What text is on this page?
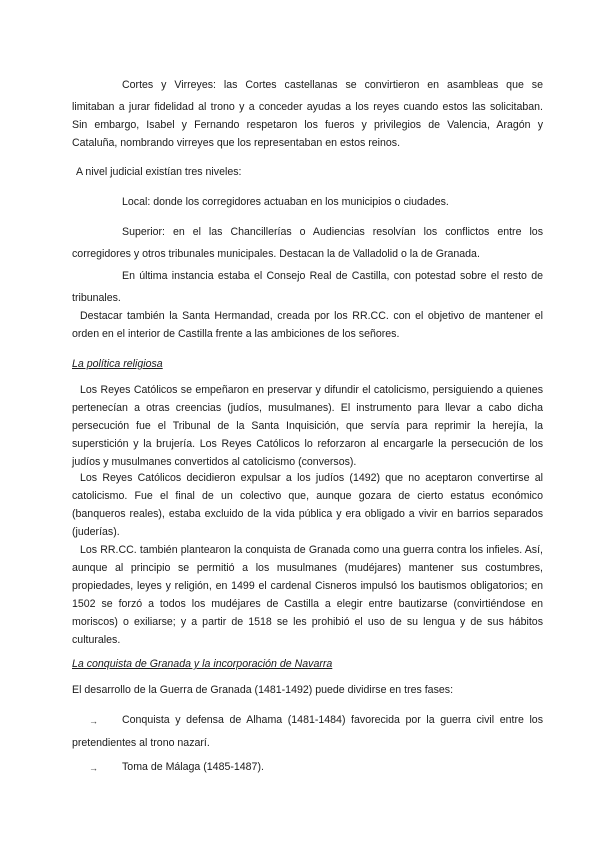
Cortes y Virreyes: las Cortes castellanas se convirtieron en asambleas que se
limitaban a jurar fidelidad al trono y a conceder ayudas a los reyes cuando estos las solicitaban.
Sin embargo, Isabel y Fernando respetaron los fueros y privilegios de Valencia, Aragón y
Cataluña, nombrando virreyes que los representaban en estos reinos.
A nivel judicial existían tres niveles:
Local: donde los corregidores actuaban en los municipios o ciudades.
Superior: en el las Chancillerías o Audiencias resolvían los conflictos entre los
corregidores y otros tribunales municipales. Destacan la de Valladolid o la de Granada.
En última instancia estaba el Consejo Real de Castilla, con potestad sobre el resto de
tribunales.
Destacar también la Santa Hermandad, creada por los RR.CC. con el objetivo de mantener el
orden en el interior de Castilla frente a las ambiciones de los señores.
La política religiosa
Los Reyes Católicos se empeñaron en preservar y difundir el catolicismo, persiguiendo a quienes
pertenecían a otras creencias (judíos, musulmanes). El instrumento para llevar a cabo dicha
persecución fue el Tribunal de la Santa Inquisición, que servía para reprimir la herejía, la
superstición y la brujería. Los Reyes Católicos lo reforzaron al encargarle la persecución de los
judíos y musulmanes convertidos al catolicismo (conversos).
Los Reyes Católicos decidieron expulsar a los judíos (1492) que no aceptaron convertirse al
catolicismo. Fue el final de un colectivo que, aunque gozara de cierto estatus económico
(banqueros reales), estaba excluido de la vida pública y era obligado a vivir en barrios separados
(juderías).
Los RR.CC. también plantearon la conquista de Granada como una guerra contra los infieles. Así,
aunque al principio se permitió a los musulmanes (mudéjares) mantener sus costumbres,
propiedades, leyes y religión, en 1499 el cardenal Cisneros impulsó los bautismos obligatorios; en
1502 se forzó a todos los mudéjares de Castilla a elegir entre bautizarse (convirtiéndose en
moriscos) o exiliarse; y a partir de 1518 se les prohibió el uso de su lengua y de sus hábitos
culturales.
La conquista de Granada y la incorporación de Navarra
El desarrollo de la Guerra de Granada (1481-1492) puede dividirse en tres fases:
→ Conquista y defensa de Alhama (1481-1484) favorecida por la guerra civil entre los
pretendientes al trono nazarí.
→ Toma de Málaga (1485-1487).
